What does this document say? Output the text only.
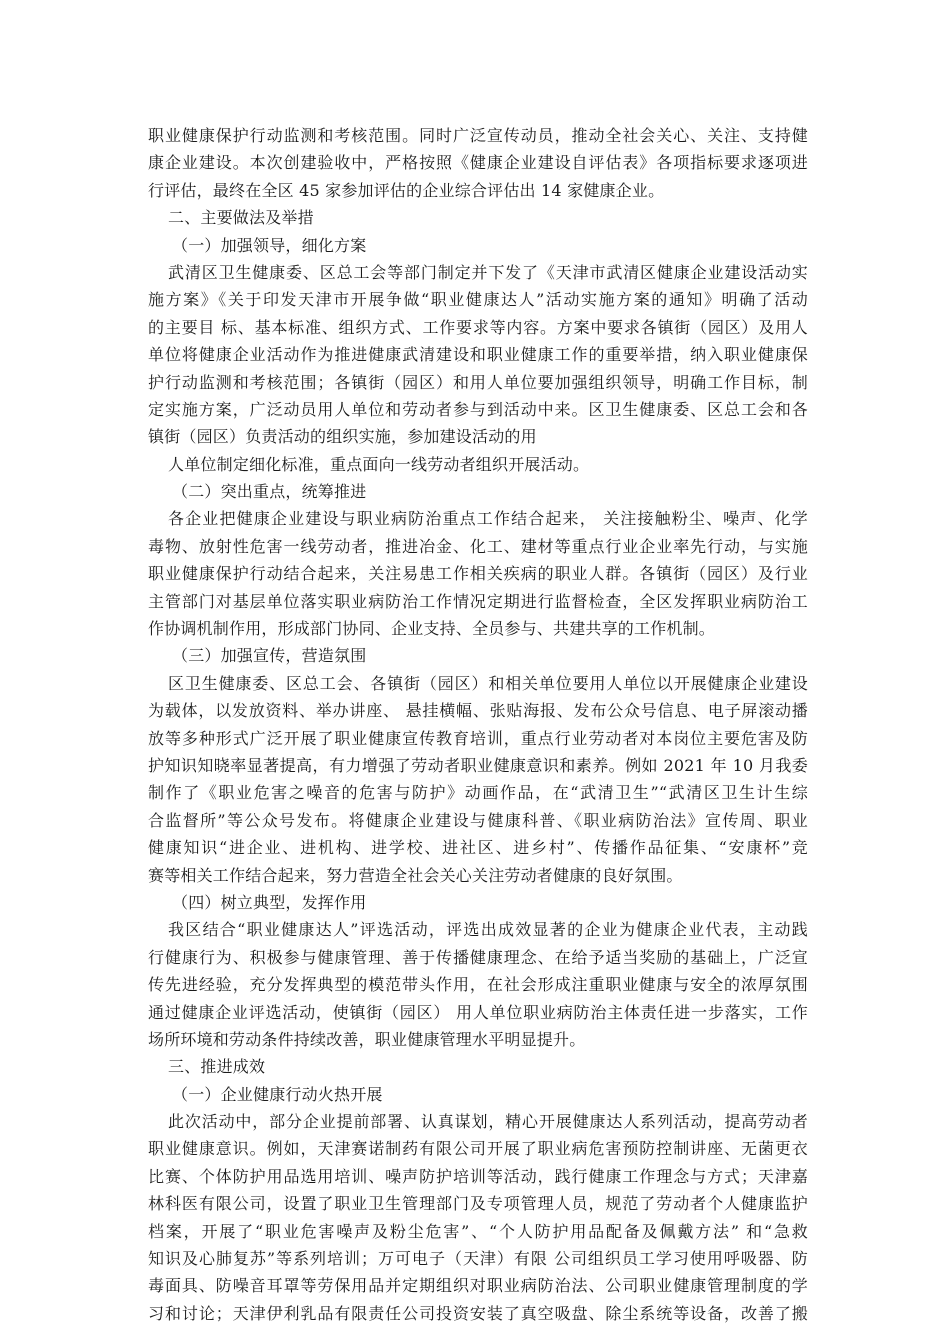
职业健康保护行动监测和考核范围。同时广泛宣传动员，推动全社会关心、关注、支持健
康企业建设。本次创建验收中，严格按照《健康企业建设自评估表》各项指标要求逐项进
行评估，最终在全区 45 家参加评估的企业综合评估出 14 家健康企业。
二、主要做法及举措
（一）加强领导，细化方案
武清区卫生健康委、区总工会等部门制定并下发了《天津市武清区健康企业建设活动实
施方案》《关于印发天津市开展争做“职业健康达人”活动实施方案的通知》明确了活动
的主要目 标、基本标准、组织方式、工作要求等内容。方案中要求各镇街（园区）及用人
单位将健康企业活动作为推进健康武清建设和职业健康工作的重要举措，纳入职业健康保
护行动监测和考核范围；各镇街（园区）和用人单位要加强组织领导，明确工作目标，制
定实施方案，广泛动员用人单位和劳动者参与到活动中来。区卫生健康委、区总工会和各
镇街（园区）负责活动的组织实施，参加建设活动的用
人单位制定细化标准，重点面向一线劳动者组织开展活动。
（二）突出重点，统筹推进
各企业把健康企业建设与职业病防治重点工作结合起来， 关注接触粉尘、噪声、化学
毒物、放射性危害一线劳动者，推进冶金、化工、建材等重点行业企业率先行动，与实施
职业健康保护行动结合起来，关注易患工作相关疾病的职业人群。各镇街（园区）及行业
主管部门对基层单位落实职业病防治工作情况定期进行监督检查，全区发挥职业病防治工
作协调机制作用，形成部门协同、企业支持、全员参与、共建共享的工作机制。
（三）加强宣传，营造氛围
区卫生健康委、区总工会、各镇街（园区）和相关单位要用人单位以开展健康企业建设
为载体，以发放资料、举办讲座、 悬挂横幅、张贴海报、发布公众号信息、电子屏滚动播
放等多种形式广泛开展了职业健康宣传教育培训，重点行业劳动者对本岗位主要危害及防
护知识知晓率显著提高，有力增强了劳动者职业健康意识和素养。例如 2021 年 10 月我委
制作了《职业危害之噪音的危害与防护》动画作品，在“武清卫生”“武清区卫生计生综
合监督所”等公众号发布。将健康企业建设与健康科普、《职业病防治法》宣传周、职业
健康知识“进企业、进机构、进学校、进社区、进乡村”、传播作品征集、“安康杯”竞
赛等相关工作结合起来，努力营造全社会关心关注劳动者健康的良好氛围。
（四）树立典型，发挥作用
我区结合“职业健康达人”评选活动，评选出成效显著的企业为健康企业代表，主动践
行健康行为、积极参与健康管理、善于传播健康理念、在给予适当奖励的基础上，广泛宣
传先进经验，充分发挥典型的模范带头作用，在社会形成注重职业健康与安全的浓厚氛围
通过健康企业评选活动，使镇街（园区） 用人单位职业病防治主体责任进一步落实，工作
场所环境和劳动条件持续改善，职业健康管理水平明显提升。
三、推进成效
（一）企业健康行动火热开展
此次活动中，部分企业提前部署、认真谋划，精心开展健康达人系列活动，提高劳动者
职业健康意识。例如，天津赛诺制药有限公司开展了职业病危害预防控制讲座、无菌更衣
比赛、个体防护用品选用培训、噪声防护培训等活动，践行健康工作理念与方式；天津嘉
林科医有限公司，设置了职业卫生管理部门及专项管理人员，规范了劳动者个人健康监护
档案，开展了“职业危害噪声及粉尘危害”、“个人防护用品配备及佩戴方法” 和“急救
知识及心肺复苏”等系列培训；万可电子（天津）有限 公司组织员工学习使用呼吸器、防
毒面具、防噪音耳罩等劳保用品并定期组织对职业病防治法、公司职业健康管理制度的学
习和讨论；天津伊利乳品有限责任公司投资安装了真空吸盘、除尘系统等设备，改善了搬
